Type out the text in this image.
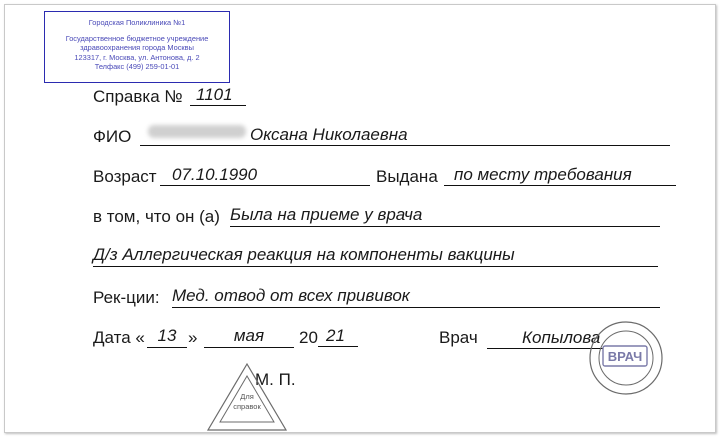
Городская Поликлиника №1
Государственное бюджетное учреждение
здравоохранения города Москвы
123317, г. Москва, ул. Антонова, д. 2
Телфакс (499) 259-01-01
Справка № 1101
ФИО	Оксана Николаевна
Возраст 07.10.1990	Выдана по месту требования
в том, что он (а) Была на приеме у врача
Д/з Аллергическая реакция на компоненты вакцины
Рек-ции: Мед. отвод от всех прививок
Дата « 13 »	мая	20 21	Врач	Копылова
М. П.
Для
справок
ВРАЧ
